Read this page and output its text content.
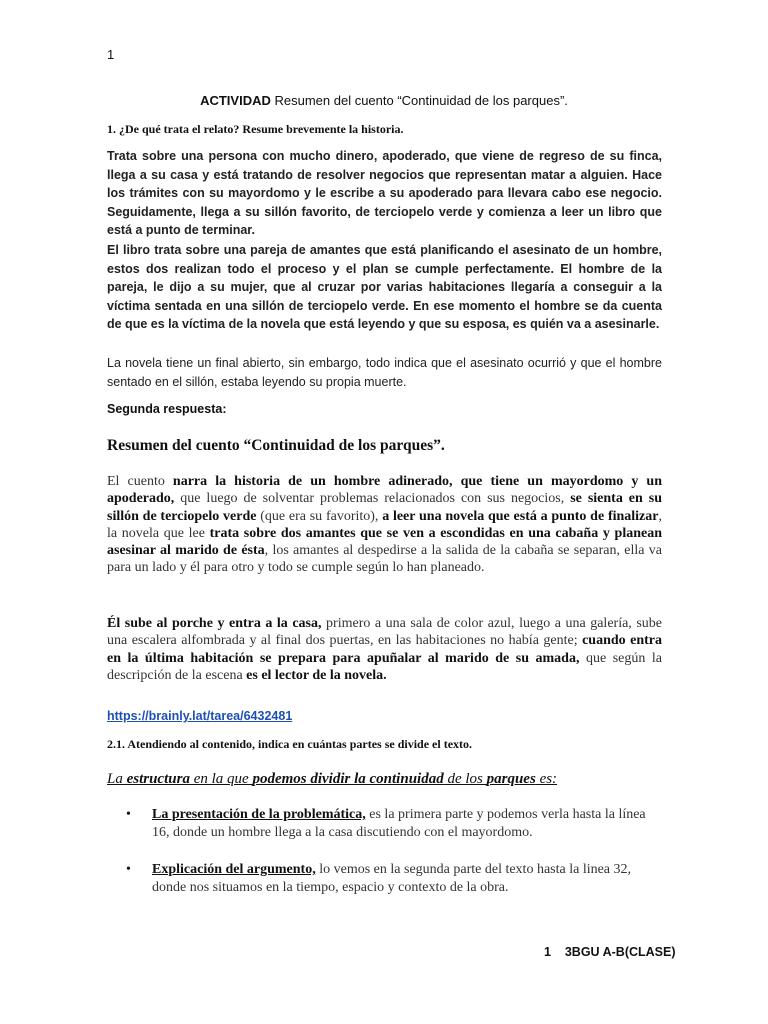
1
ACTIVIDAD Resumen del cuento “Continuidad de los parques”.
1. ¿De qué trata el relato? Resume brevemente la historia.
Trata sobre una persona con mucho dinero, apoderado, que viene de regreso de su finca, llega a su casa y está tratando de resolver negocios que representan matar a alguien. Hace los trámites con su mayordomo y le escribe a su apoderado para llevara cabo ese negocio. Seguidamente, llega a su sillón favorito, de terciopelo verde y comienza a leer un libro que está a punto de terminar.
El libro trata sobre una pareja de amantes que está planificando el asesinato de un hombre, estos dos realizan todo el proceso y el plan se cumple perfectamente. El hombre de la pareja, le dijo a su mujer, que al cruzar por varias habitaciones llegaría a conseguir a la víctima sentada en una sillón de terciopelo verde. En ese momento el hombre se da cuenta de que es la víctima de la novela que está leyendo y que su esposa, es quién va a asesinarle.
La novela tiene un final abierto, sin embargo, todo indica que el asesinato ocurrió y que el hombre sentado en el sillón, estaba leyendo su propia muerte.
Segunda respuesta:
Resumen del cuento “Continuidad de los parques”.
El cuento narra la historia de un hombre adinerado, que tiene un mayordomo y un apoderado, que luego de solventar problemas relacionados con sus negocios, se sienta en su sillón de terciopelo verde (que era su favorito), a leer una novela que está a punto de finalizar, la novela que lee trata sobre dos amantes que se ven a escondidas en una cabaña y planean asesinar al marido de ésta, los amantes al despedirse a la salida de la cabaña se separan, ella va para un lado y él para otro y todo se cumple según lo han planeado.
Él sube al porche y entra a la casa, primero a una sala de color azul, luego a una galería, sube una escalera alfombrada y al final dos puertas, en las habitaciones no había gente; cuando entra en la última habitación se prepara para apuñalar al marido de su amada, que según la descripción de la escena es el lector de la novela.
https://brainly.lat/tarea/6432481
2.1. Atendiendo al contenido, indica en cuántas partes se divide el texto.
La estructura en la que podemos dividir la continuidad de los parques es:
• La presentación de la problemática, es la primera parte y podemos verla hasta la línea 16, donde un hombre llega a la casa discutiendo con el mayordomo.
• Explicación del argumento, lo vemos en la segunda parte del texto hasta la linea 32, donde nos situamos en la tiempo, espacio y contexto de la obra.
1 3BGU A-B(CLASE)
